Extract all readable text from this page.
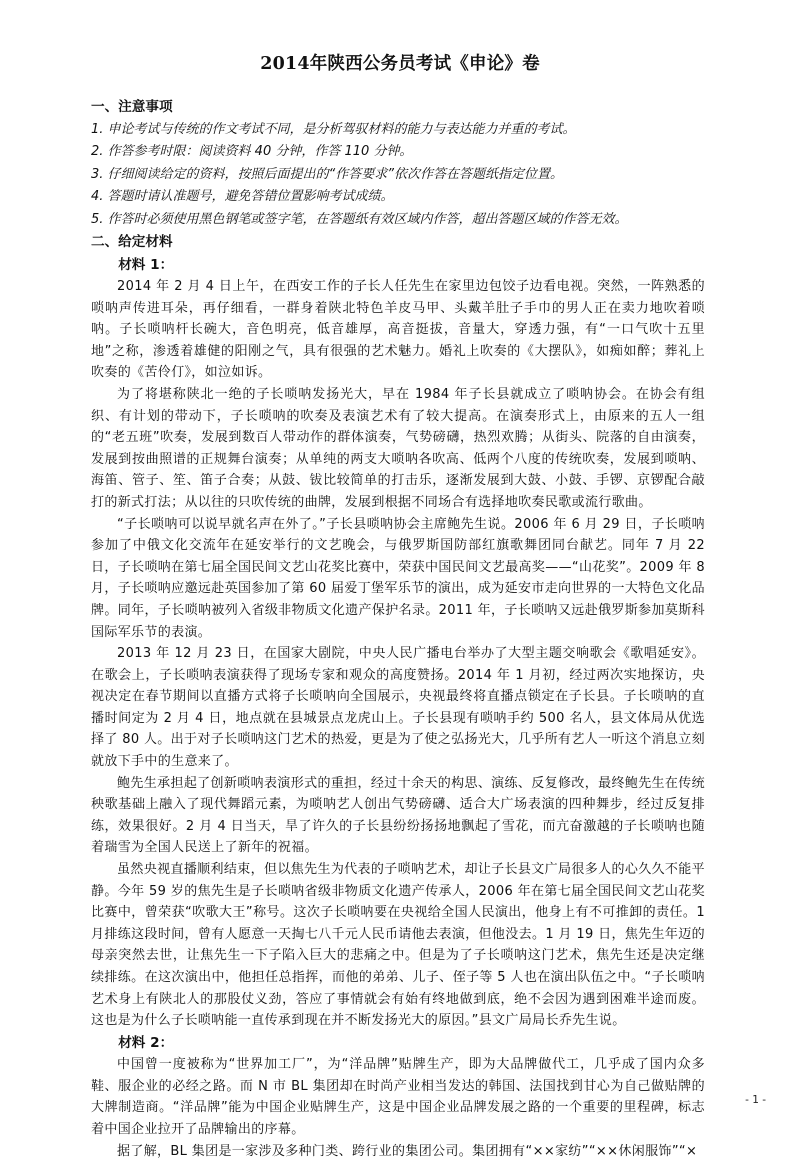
2014年陕西公务员考试《申论》卷

一、注意事项

1. 申论考试与传统的作文考试不同，是分析驾驭材料的能力与表达能力并重的考试。

2. 作答参考时限：阅读资料 40 分钟，作答 110 分钟。

3. 仔细阅读给定的资料，按照后面提出的“作答要求”依次作答在答题纸指定位置。

4. 答题时请认准题号，避免答错位置影响考试成绩。

5. 作答时必须使用黑色钢笔或签字笔，在答题纸有效区域内作答，超出答题区域的作答无效。

二、给定材料

材料 1：

2014 年 2 月 4 日上午，在西安工作的子长人任先生在家里边包饺子边看电视。突然，一阵熟悉的唢呐声传进耳朵，再仔细看，一群身着陕北特色羊皮马甲、头戴羊肚子手巾的男人正在卖力地吹着唢呐。子长唢呐杆长碗大，音色明亮，低音雄厚，高音挺拔，音量大，穿透力强，有“一口气吹十五里地”之称，渗透着雄健的阳刚之气，具有很强的艺术魅力。婚礼上吹奏的《大摆队》，如痴如醉；葬礼上吹奏的《苦伶仃》，如泣如诉。

为了将堪称陕北一绝的子长唢呐发扬光大，早在 1984 年子长县就成立了唢呐协会。在协会有组织、有计划的带动下，子长唢呐的吹奏及表演艺术有了较大提高。在演奏形式上，由原来的五人一组的“老五班”吹奏，发展到数百人带动作的群体演奏，气势磅礴，热烈欢腾；从街头、院落的自由演奏，发展到按曲照谱的正规舞台演奏；从单纯的两支大唢呐各吹高、低两个八度的传统吹奏，发展到唢呐、海笛、管子、笙、笛子合奏；从鼓、钹比较简单的打击乐，逐渐发展到大鼓、小鼓、手锣、京锣配合敲打的新式打法；从以往的只吹传统的曲牌，发展到根据不同场合有选择地吹奏民歌或流行歌曲。

“子长唢呐可以说早就名声在外了。”子长县唢呐协会主席鲍先生说。2006 年 6 月 29 日，子长唢呐参加了中俄文化交流年在延安举行的文艺晚会，与俄罗斯国防部红旗歌舞团同台献艺。同年 7 月 22 日，子长唢呐在第七届全国民间文艺山花奖比赛中，荣获中国民间文艺最高奖——“山花奖”。2009 年 8 月，子长唢呐应邀远赴英国参加了第 60 届爱丁堡军乐节的演出，成为延安市走向世界的一大特色文化品牌。同年，子长唢呐被列入省级非物质文化遗产保护名录。2011 年，子长唢呐又远赴俄罗斯参加莫斯科国际军乐节的表演。

2013 年 12 月 23 日，在国家大剧院，中央人民广播电台举办了大型主题交响歌会《歌唱延安》。在歌会上，子长唢呐表演获得了现场专家和观众的高度赞扬。2014 年 1 月初，经过两次实地探访，央视决定在春节期间以直播方式将子长唢呐向全国展示，央视最终将直播点锁定在子长县。子长唢呐的直播时间定为 2 月 4 日，地点就在县城景点龙虎山上。子长县现有唢呐手约 500 名人，县文体局从优选择了 80 人。出于对子长唢呐这门艺术的热爱，更是为了使之弘扬光大，几乎所有艺人一听这个消息立刻就放下手中的生意来了。

鲍先生承担起了创新唢呐表演形式的重担，经过十余天的构思、演练、反复修改，最终鲍先生在传统秧歌基础上融入了现代舞蹈元素，为唢呐艺人创出气势磅礴、适合大广场表演的四种舞步，经过反复排练，效果很好。2 月 4 日当天，旱了许久的子长县纷纷扬扬地飘起了雪花，而亢奋激越的子长唢呐也随着瑞雪为全国人民送上了新年的祝福。

虽然央视直播顺利结束，但以焦先生为代表的子唢呐艺术，却让子长县文广局很多人的心久久不能平静。今年 59 岁的焦先生是子长唢呐省级非物质文化遗产传承人，2006 年在第七届全国民间文艺山花奖比赛中，曾荣获“吹歌大王”称号。这次子长唢呐要在央视给全国人民演出，他身上有不可推卸的责任。1 月排练这段时间，曾有人愿意一天掏七八千元人民币请他去表演，但他没去。1 月 19 日，焦先生年迈的母亲突然去世，让焦先生一下子陷入巨大的悲痛之中。但是为了子长唢呐这门艺术，焦先生还是决定继续排练。在这次演出中，他担任总指挥，而他的弟弟、儿子、侄子等 5 人也在演出队伍之中。“子长唢呐艺术身上有陕北人的那股仗义劲，答应了事情就会有始有终地做到底，绝不会因为遇到困难半途而废。这也是为什么子长唢呐能一直传承到现在并不断发扬光大的原因。”县文广局局长乔先生说。

材料 2：

中国曾一度被称为“世界加工厂”，为“洋品牌”贴牌生产，即为大品牌做代工，几乎成了国内众多鞋、服企业的必经之路。而 N 市 BL 集团却在时尚产业相当发达的韩国、法国找到甘心为自己做贴牌的大牌制造商。“洋品牌”能为中国企业贴牌生产，这是中国企业品牌发展之路的一个重要的里程碑，标志着中国企业拉开了品牌输出的序幕。

据了解，BL 集团是一家涉及多种门类、跨行业的集团公司。集团拥有“××家纺”“××休闲服饰”“×

- 1 -
